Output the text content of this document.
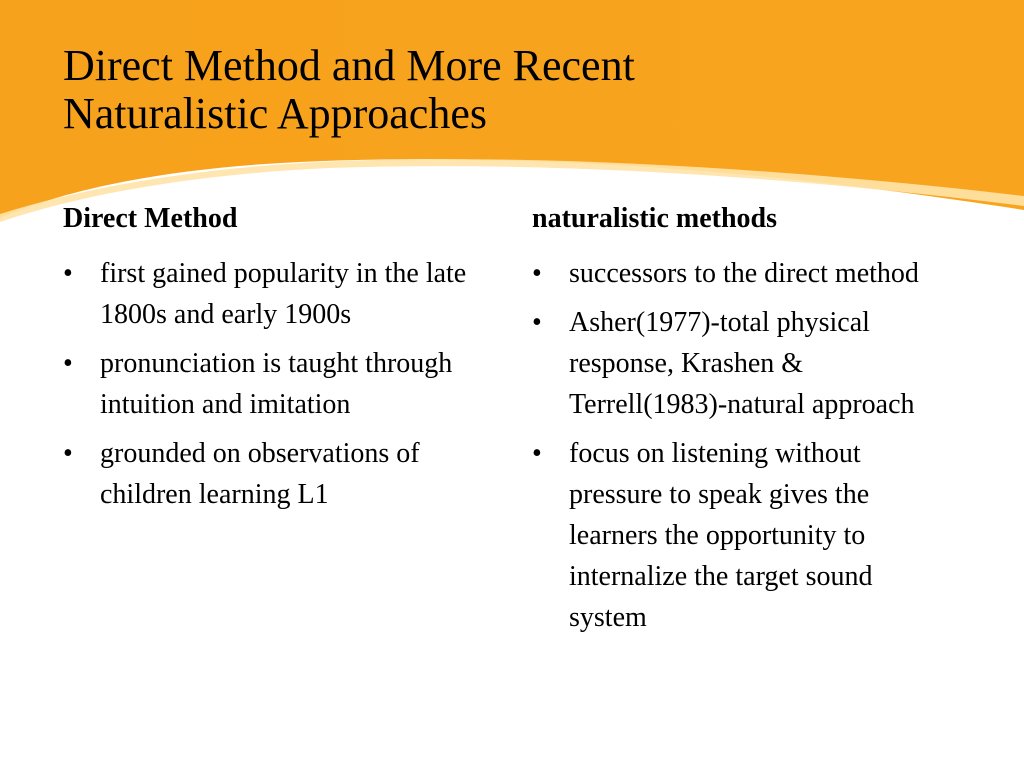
Direct Method and More Recent
Naturalistic Approaches
Direct Method
• first gained popularity in the late 1800s and early 1900s
• pronunciation is taught through intuition and imitation
• grounded on observations of children learning L1
naturalistic methods
• successors to the direct method
• Asher(1977)-total physical response, Krashen & Terrell(1983)-natural approach
• focus on listening without pressure to speak gives the learners the opportunity to internalize the target sound system
